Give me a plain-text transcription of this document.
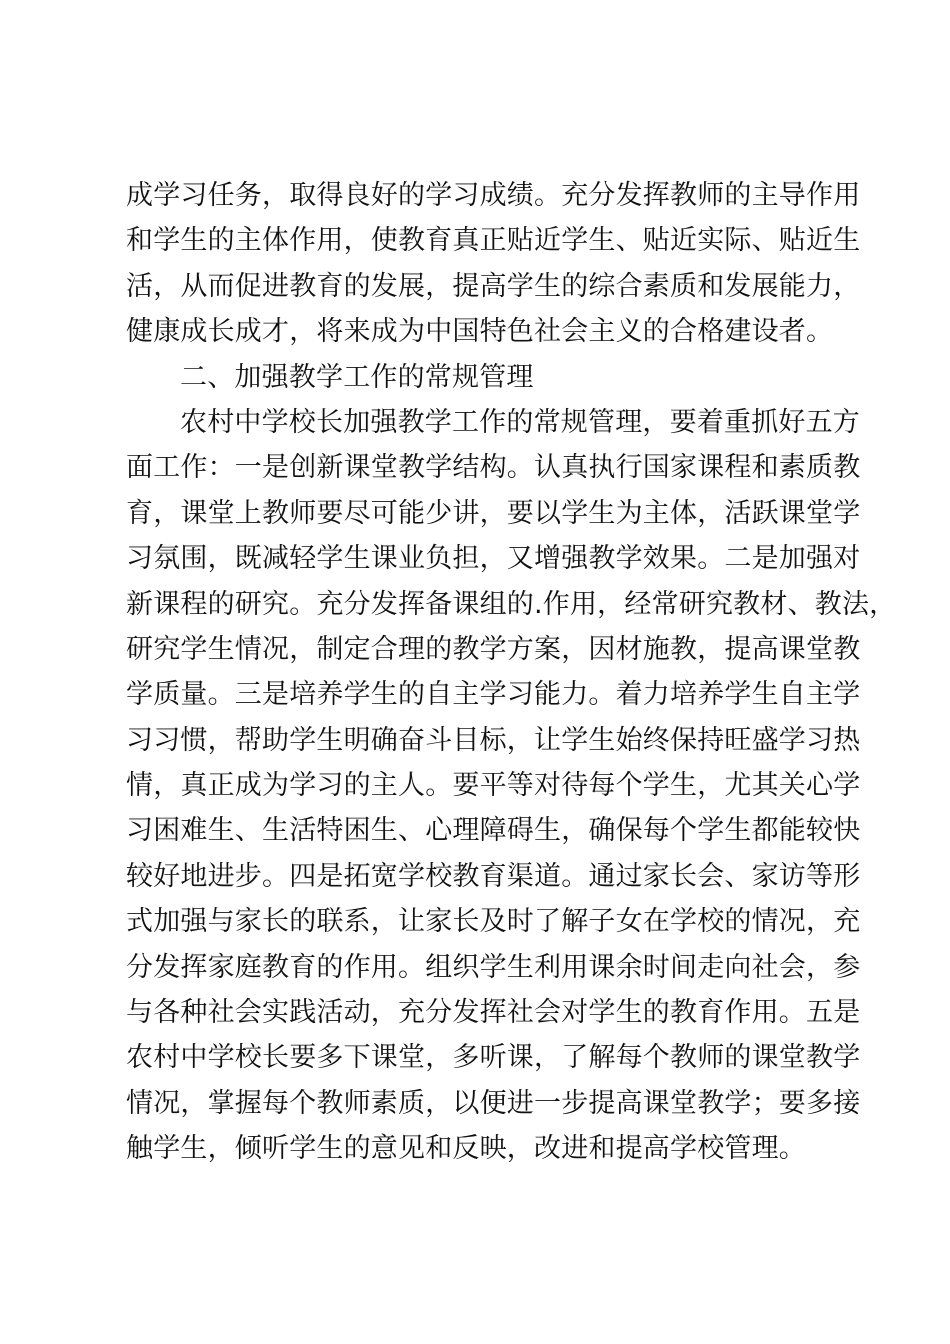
成学习任务，取得良好的学习成绩。充分发挥教师的主导作用
和学生的主体作用，使教育真正贴近学生、贴近实际、贴近生
活，从而促进教育的发展，提高学生的综合素质和发展能力，
健康成长成才，将来成为中国特色社会主义的合格建设者。
二、加强教学工作的常规管理
农村中学校长加强教学工作的常规管理，要着重抓好五方
面工作：一是创新课堂教学结构。认真执行国家课程和素质教
育，课堂上教师要尽可能少讲，要以学生为主体，活跃课堂学
习氛围，既减轻学生课业负担，又增强教学效果。二是加强对
新课程的研究。充分发挥备课组的.作用，经常研究教材、教法，
研究学生情况，制定合理的教学方案，因材施教，提高课堂教
学质量。三是培养学生的自主学习能力。着力培养学生自主学
习习惯，帮助学生明确奋斗目标，让学生始终保持旺盛学习热
情，真正成为学习的主人。要平等对待每个学生，尤其关心学
习困难生、生活特困生、心理障碍生，确保每个学生都能较快
较好地进步。四是拓宽学校教育渠道。通过家长会、家访等形
式加强与家长的联系，让家长及时了解子女在学校的情况，充
分发挥家庭教育的作用。组织学生利用课余时间走向社会，参
与各种社会实践活动，充分发挥社会对学生的教育作用。五是
农村中学校长要多下课堂，多听课，了解每个教师的课堂教学
情况，掌握每个教师素质，以便进一步提高课堂教学；要多接
触学生，倾听学生的意见和反映，改进和提高学校管理。
